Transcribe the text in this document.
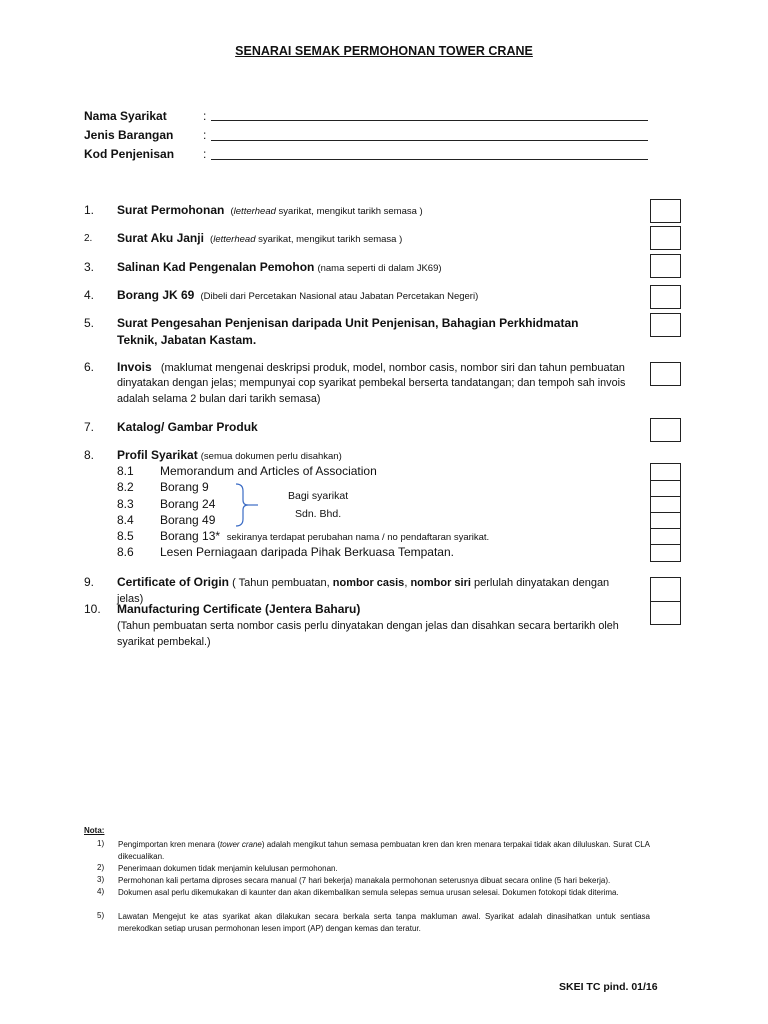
SENARAI SEMAK PERMOHONAN TOWER CRANE
Nama Syarikat	:
Jenis Barangan :
Kod Penjenisan :
1. Surat Permohonan (letterhead syarikat, mengikut tarikh semasa )
2. Surat Aku Janji (letterhead syarikat, mengikut tarikh semasa )
3. Salinan Kad Pengenalan Pemohon (nama seperti di dalam JK69)
4. Borang JK 69 (Dibeli dari Percetakan Nasional atau Jabatan Percetakan Negeri)
5. Surat Pengesahan Penjenisan daripada Unit Penjenisan, Bahagian Perkhidmatan
Teknik, Jabatan Kastam.
6. Invois (maklumat mengenai deskripsi produk, model, nombor casis, nombor siri dan tahun pembuatan
dinyatakan dengan jelas; mempunyai cop syarikat pembekal berserta tandatangan; dan tempoh sah invois
adalah selama 2 bulan dari tarikh semasa)
7. Katalog/ Gambar Produk
8. Profil Syarikat (semua dokumen perlu disahkan)
8.1 Memorandum and Articles of Association
8.2 Borang 9
8.3 Borang 24
8.4 Borang 49
8.5 Borang 13* sekiranya terdapat perubahan nama / no pendaftaran syarikat.
8.6 Lesen Perniagaan daripada Pihak Berkuasa Tempatan.
Bagi syarikat
Sdn. Bhd.
9. Certificate of Origin ( Tahun pembuatan, nombor casis, nombor siri perlulah dinyatakan dengan jelas)
10. Manufacturing Certificate (Jentera Baharu)
(Tahun pembuatan serta nombor casis perlu dinyatakan dengan jelas dan disahkan secara bertarikh oleh
syarikat pembekal.)
Nota:
1) Pengimportan kren menara (tower crane) adalah mengikut tahun semasa pembuatan kren dan kren menara terpakai tidak akan diluluskan. Surat CLA dikecualikan.
2) Penerimaan dokumen tidak menjamin kelulusan permohonan.
3) Permohonan kali pertama diproses secara manual (7 hari bekerja) manakala permohonan seterusnya dibuat secara online (5 hari bekerja).
4) Dokumen asal perlu dikemukakan di kaunter dan akan dikembalikan semula selepas semua urusan selesai. Dokumen fotokopi tidak diterima.
5) Lawatan Mengejut ke atas syarikat akan dilakukan secara berkala serta tanpa makluman awal. Syarikat adalah dinasihatkan untuk sentiasa merekodkan setiap urusan permohonan lesen import (AP) dengan kemas dan teratur.
SKEI TC pind. 01/16
